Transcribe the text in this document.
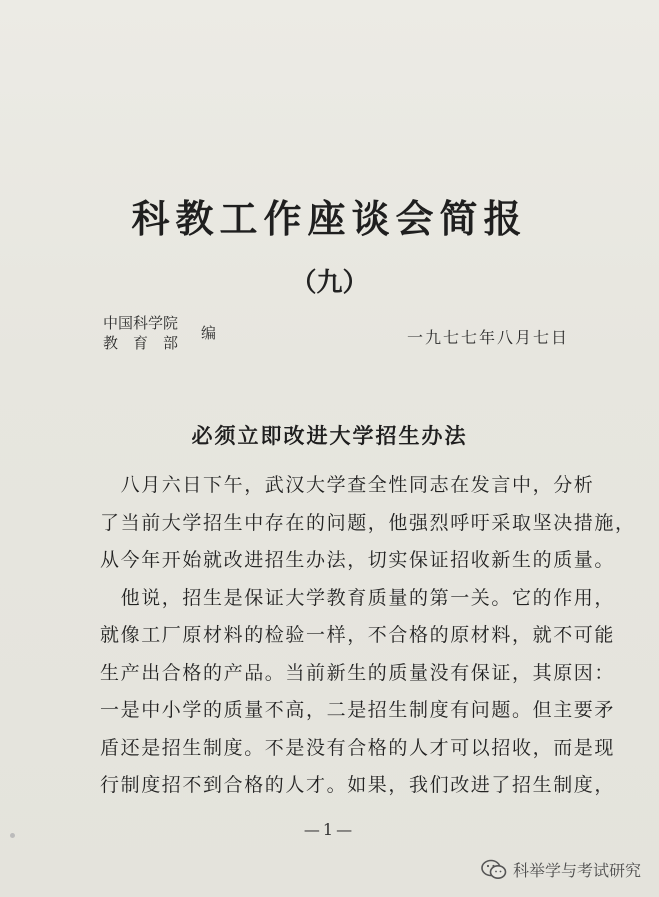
科教工作座谈会简报
（九）
中国科学院
教　育　部
编	一九七七年八月七日
必须立即改进大学招生办法
　八月六日下午，武汉大学查全性同志在发言中，分析
了当前大学招生中存在的问题，他强烈呼吁采取坚决措施，
从今年开始就改进招生办法，切实保证招收新生的质量。
　他说，招生是保证大学教育质量的第一关。它的作用，
就像工厂原材料的检验一样，不合格的原材料，就不可能
生产出合格的产品。当前新生的质量没有保证，其原因：
一是中小学的质量不高，二是招生制度有问题。但主要矛
盾还是招生制度。不是没有合格的人才可以招收，而是现
行制度招不到合格的人才。如果，我们改进了招生制度，
—1—
科举学与考试研究
